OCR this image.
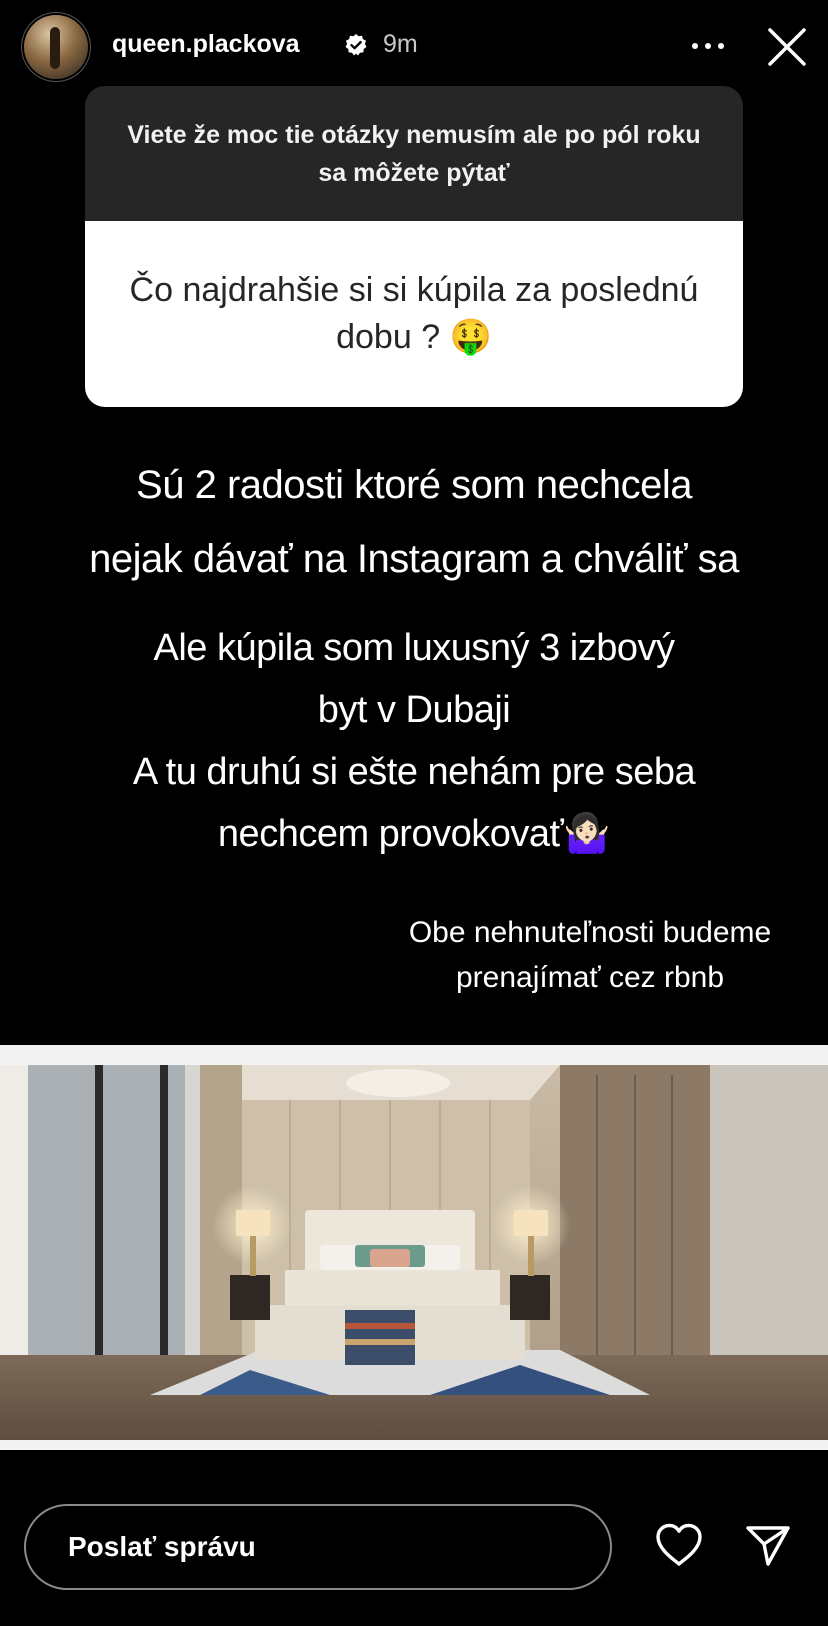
queen.plackova	9m
Viete že moc tie otázky nemusím ale po pól roku sa môžete pýtať
Čo najdrahšie si si kúpila za poslednú dobu ? 🤑
Sú 2 radosti ktoré som nechcela
nejak dávať na Instagram a chváliť sa
Ale kúpila som luxusný 3 izbový
byt v Dubaji
A tu druhú si ešte nehám pre seba
nechcem provokovať🤷🏻‍♀️
Obe nehnuteľnosti budeme
prenajímať cez rbnb
Poslať správu
